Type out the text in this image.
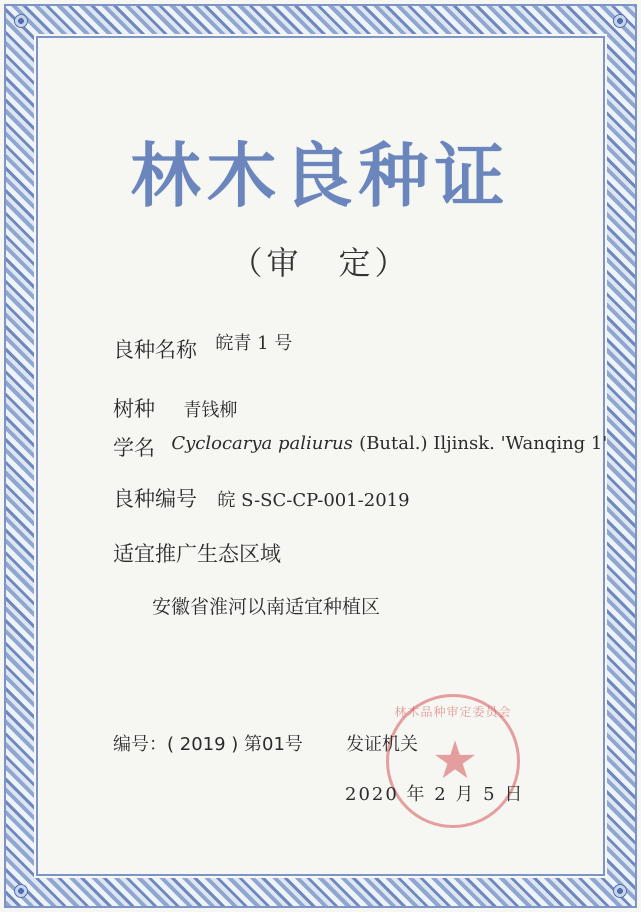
林木良种证
（审　定）
良种名称 皖青 1 号
树种 青钱柳
学名 Cyclocarya paliurus (Butal.) Iljinsk. 'Wanqing 1'
良种编号 皖 S-SC-CP-001-2019
适宜推广生态区域
安徽省淮河以南适宜种植区
林木品种审定委员会
★
编号：( 2019 ) 第01号 发证机关
2020 年 2 月 5 日
